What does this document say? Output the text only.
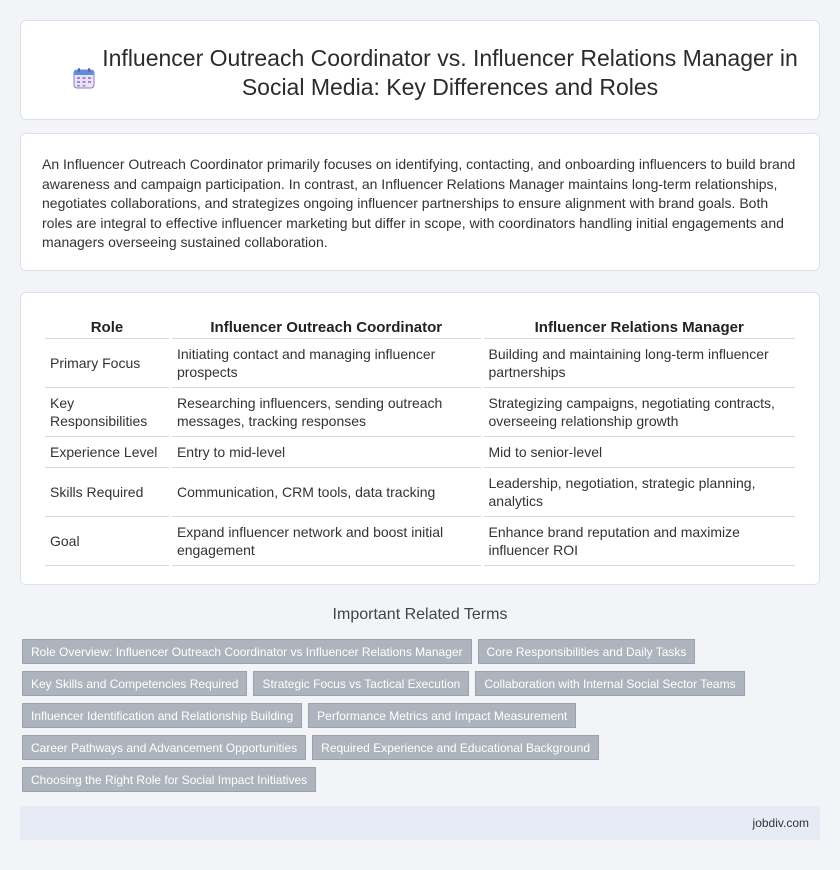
Influencer Outreach Coordinator vs. Influencer Relations Manager in Social Media: Key Differences and Roles

An Influencer Outreach Coordinator primarily focuses on identifying, contacting, and onboarding influencers to build brand awareness and campaign participation. In contrast, an Influencer Relations Manager maintains long-term relationships, negotiates collaborations, and strategizes ongoing influencer partnerships to ensure alignment with brand goals. Both roles are integral to effective influencer marketing but differ in scope, with coordinators handling initial engagements and managers overseeing sustained collaboration.

Role	Influencer Outreach Coordinator	Influencer Relations Manager
Primary Focus	Initiating contact and managing influencer prospects	Building and maintaining long-term influencer partnerships
Key Responsibilities	Researching influencers, sending outreach messages, tracking responses	Strategizing campaigns, negotiating contracts, overseeing relationship growth
Experience Level	Entry to mid-level	Mid to senior-level
Skills Required	Communication, CRM tools, data tracking	Leadership, negotiation, strategic planning, analytics
Goal	Expand influencer network and boost initial engagement	Enhance brand reputation and maximize influencer ROI
Important Related Terms
Role Overview: Influencer Outreach Coordinator vs Influencer Relations Manager	Core Responsibilities and Daily Tasks
Key Skills and Competencies Required	Strategic Focus vs Tactical Execution	Collaboration with Internal Social Sector Teams
Influencer Identification and Relationship Building	Performance Metrics and Impact Measurement
Career Pathways and Advancement Opportunities	Required Experience and Educational Background
Choosing the Right Role for Social Impact Initiatives
jobdiv.com
